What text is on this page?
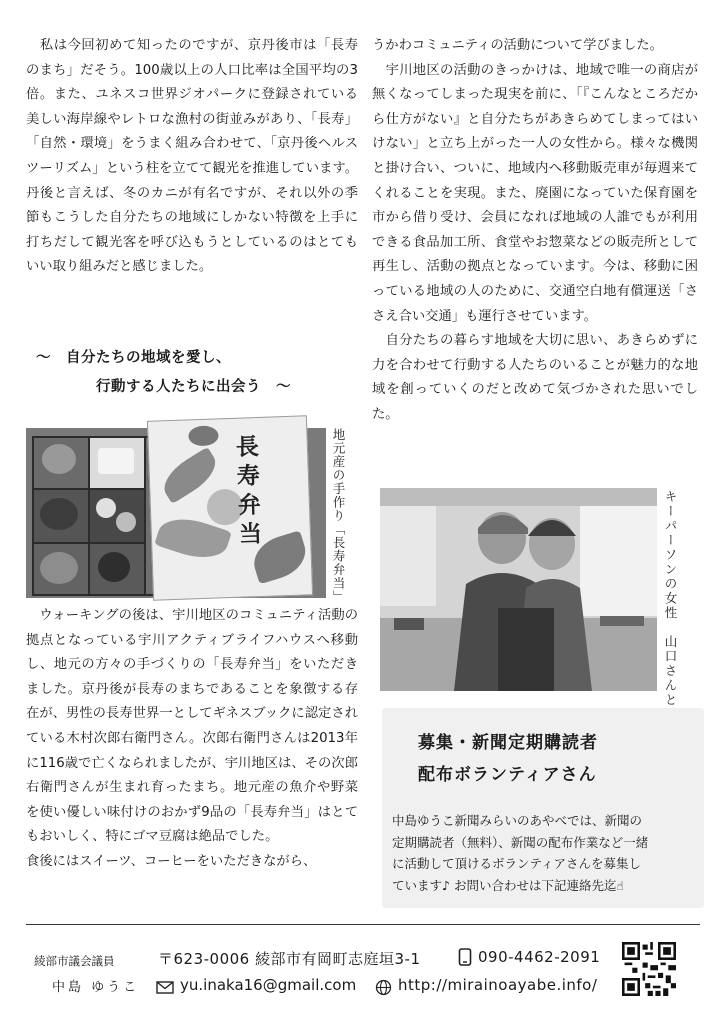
　私は今回初めて知ったのですが、京丹後市は「長寿のまち」だそう。100歳以上の人口比率は全国平均の3倍。また、ユネスコ世界ジオパークに登録されている美しい海岸線やレトロな漁村の街並みがあり、「長寿」「自然・環境」をうまく組み合わせて、「京丹後ヘルスツーリズム」という柱を立てて観光を推進しています。丹後と言えば、冬のカニが有名ですが、それ以外の季節もこうした自分たちの地域にしかない特徴を上手に打ちだして観光客を呼び込もうとしているのはとてもいい取り組みだと感じました。

～　自分たちの地域を愛し、
行動する人たちに出会う　～
長寿弁当	地元産の手作り「長寿弁当」

　ウォーキングの後は、宇川地区のコミュニティ活動の拠点となっている宇川アクティブライフハウスへ移動し、地元の方々の手づくりの「長寿弁当」をいただきました。京丹後が長寿のまちであることを象徴する存在が、男性の長寿世界一としてギネスブックに認定されている木村次郎右衛門さん。次郎右衛門さんは2013年に116歳で亡くなられましたが、宇川地区は、その次郎右衛門さんが生まれ育ったまち。地元産の魚介や野菜を使い優しい味付けのおかず9品の「長寿弁当」はとてもおいしく、特にゴマ豆腐は絶品でした。

食後にはスイーツ、コーヒーをいただきながら、

うかわコミュニティの活動について学びました。

　宇川地区の活動のきっかけは、地域で唯一の商店が無くなってしまった現実を前に、「『こんなところだから仕方がない』と自分たちがあきらめてしまってはいけない」と立ち上がった一人の女性から。様々な機関と掛け合い、ついに、地域内へ移動販売車が毎週来てくれることを実現。また、廃園になっていた保育園を市から借り受け、会員になれば地域の人誰でもが利用できる食品加工所、食堂やお惣菜などの販売所として再生し、活動の拠点となっています。今は、移動に困っている地域の人のために、交通空白地有償運送「ささえ合い交通」も運行させています。

　自分たちの暮らす地域を大切に思い、あきらめずに力を合わせて行動する人たちのいることが魅力的な地域を創っていくのだと改めて気づかされた思いでした。

キーパーソンの女性　山口さんと
募集・新聞定期購読者
配布ボランティアさん

中島ゆうこ新聞みらいのあやべでは、新聞の

定期購読者（無料）、新聞の配布作業など一緒

に活動して頂けるボランティアさんを募集し

ています♪ お問い合わせは下記連絡先迄☝

綾部市議会議員
中島 ゆうこ
〒623-0006 綾部市有岡町志庭垣3-1	090-4462-2091
yu.inaka16@gmail.com	http://mirainoayabe.info/
